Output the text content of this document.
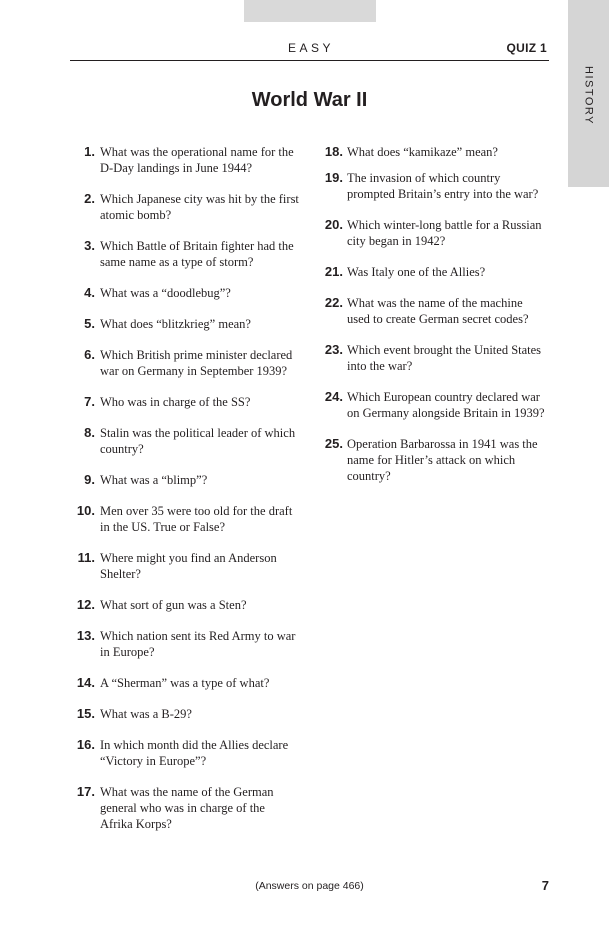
HISTORY
EASY	QUIZ 1
World War II
1. What was the operational name for the D-Day landings in June 1944?
2. Which Japanese city was hit by the first atomic bomb?
3. Which Battle of Britain fighter had the same name as a type of storm?
4. What was a “doodlebug”?
5. What does “blitzkrieg” mean?
6. Which British prime minister declared war on Germany in September 1939?
7. Who was in charge of the SS?
8. Stalin was the political leader of which country?
9. What was a “blimp”?
10. Men over 35 were too old for the draft in the US. True or False?
11. Where might you find an Anderson Shelter?
12. What sort of gun was a Sten?
13. Which nation sent its Red Army to war in Europe?
14. A “Sherman” was a type of what?
15. What was a B-29?
16. In which month did the Allies declare “Victory in Europe”?
17. What was the name of the German general who was in charge of the Afrika Korps?
18. What does “kamikaze” mean?
19. The invasion of which country prompted Britain’s entry into the war?
20. Which winter-long battle for a Russian city began in 1942?
21. Was Italy one of the Allies?
22. What was the name of the machine used to create German secret codes?
23. Which event brought the United States into the war?
24. Which European country declared war on Germany alongside Britain in 1939?
25. Operation Barbarossa in 1941 was the name for Hitler’s attack on which country?
(Answers on page 466)	7
